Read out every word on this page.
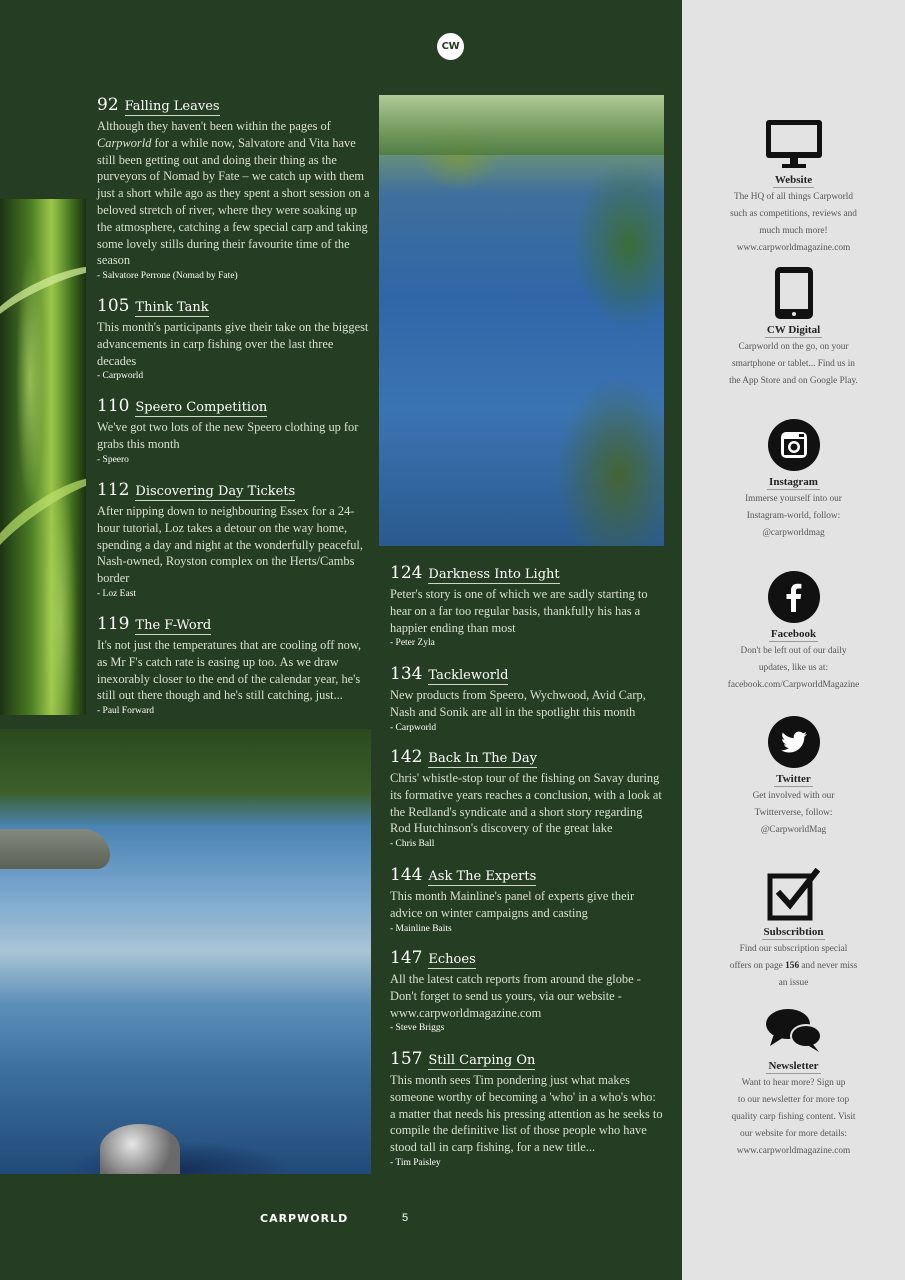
CW
92 Falling Leaves

Although they haven't been within the pages of Carpworld for a while now, Salvatore and Vita have still been getting out and doing their thing as the purveyors of Nomad by Fate – we catch up with them just a short while ago as they spent a short session on a beloved stretch of river, where they were soaking up the atmosphere, catching a few special carp and taking some lovely stills during their favourite time of the season

- Salvatore Perrone (Nomad by Fate)
105 Think Tank

This month's participants give their take on the biggest advancements in carp fishing over the last three decades

- Carpworld
110 Speero Competition

We've got two lots of the new Speero clothing up for grabs this month

- Speero
112 Discovering Day Tickets

After nipping down to neighbouring Essex for a 24-hour tutorial, Loz takes a detour on the way home, spending a day and night at the wonderfully peaceful, Nash-owned, Royston complex on the Herts/Cambs border

- Loz East
119 The F-Word

It's not just the temperatures that are cooling off now, as Mr F's catch rate is easing up too. As we draw inexorably closer to the end of the calendar year, he's still out there though and he's still catching, just...

- Paul Forward
124 Darkness Into Light

Peter's story is one of which we are sadly starting to hear on a far too regular basis, thankfully his has a happier ending than most

- Peter Zyla
134 Tackleworld

New products from Speero, Wychwood, Avid Carp, Nash and Sonik are all in the spotlight this month

- Carpworld
142 Back In The Day

Chris' whistle-stop tour of the fishing on Savay during its formative years reaches a conclusion, with a look at the Redland's syndicate and a short story regarding Rod Hutchinson's discovery of the great lake

- Chris Ball
144 Ask The Experts

This month Mainline's panel of experts give their advice on winter campaigns and casting

- Mainline Baits
147 Echoes

All the latest catch reports from around the globe - Don't forget to send us yours, via our website - www.carpworldmagazine.com

- Steve Briggs
157 Still Carping On

This month sees Tim pondering just what makes someone worthy of becoming a 'who' in a who's who: a matter that needs his pressing attention as he seeks to compile the definitive list of those people who have stood tall in carp fishing, for a new title...

- Tim Paisley
Website

The HQ of all things Carpworld
such as competitions, reviews and
much much more!
www.carpworldmagazine.com

CW Digital

Carpworld on the go, on your
smartphone or tablet... Find us in
the App Store and on Google Play.

Instagram

Immerse yourself into our
Instagram-world, follow:
@carpworldmag

Facebook

Don't be left out of our daily
updates, like us at:
facebook.com/CarpworldMagazine

Twitter

Get involved with our
Twitterverse, follow:
@CarpworldMag

Subscribtion

Find our subscription special
offers on page 156 and never miss
an issue

Newsletter

Want to hear more? Sign up
to our newsletter for more top
quality carp fishing content. Visit
our website for more details:
www.carpworldmagazine.com

CARPWORLD	5
